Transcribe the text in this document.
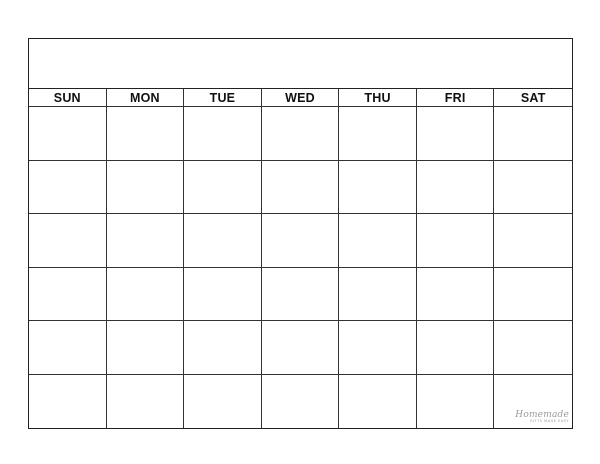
SUN	MON	TUE	WED	THU	FRI	SAT
Homemade
GIFTS MADE EASY
